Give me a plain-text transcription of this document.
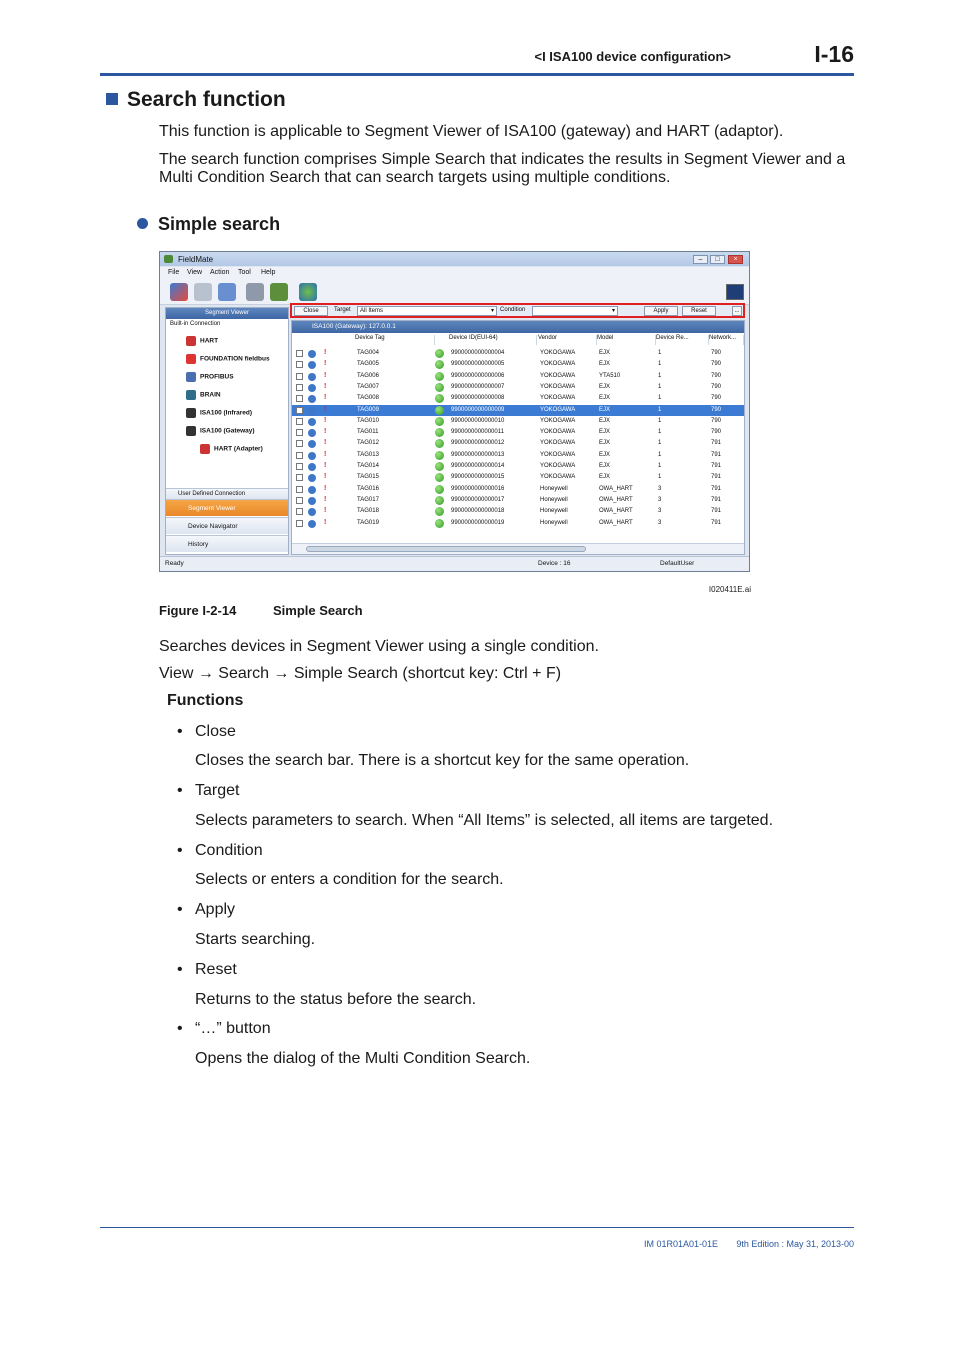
<I ISA100 device configuration>	I-16
Search function
This function is applicable to Segment Viewer of ISA100 (gateway) and HART (adaptor).
The search function comprises Simple Search that indicates the results in Segment Viewer and a Multi Condition Search that can search targets using multiple conditions.
Simple search
FieldMate	–	□	×
File View Action Tool Help
Close	Target	All Items	▾ Condition	▾	Apply	Reset	...
Segment Viewer
Built-in Connection
HART
FOUNDATION fieldbus
PROFIBUS
BRAIN
ISA100 (Infrared)
ISA100 (Gateway)
HART (Adapter)
User Defined Connection
Segment Viewer
Device Navigator
History
ISA100 (Gateway): 127.0.0.1
Device Tag	Device ID(EUI-64)	Vendor	Model	Device Re...	Network...
!	TAG004	9900000000000004	YOKOGAWA	EJX	1	790
!	TAG005	9900000000000005	YOKOGAWA	EJX	1	790
!	TAG006	9900000000000006	YOKOGAWA	YTA510	1	790
!	TAG007	9900000000000007	YOKOGAWA	EJX	1	790
!	TAG008	9900000000000008	YOKOGAWA	EJX	1	790
!	TAG009	9900000000000009	YOKOGAWA	EJX	1	790
!	TAG010	9900000000000010	YOKOGAWA	EJX	1	790
!	TAG011	9900000000000011	YOKOGAWA	EJX	1	790
!	TAG012	9900000000000012	YOKOGAWA	EJX	1	791
!	TAG013	9900000000000013	YOKOGAWA	EJX	1	791
!	TAG014	9900000000000014	YOKOGAWA	EJX	1	791
!	TAG015	9900000000000015	YOKOGAWA	EJX	1	791
!	TAG016	9900000000000016	Honeywell	OWA_HART	3	791
!	TAG017	9900000000000017	Honeywell	OWA_HART	3	791
!	TAG018	9900000000000018	Honeywell	OWA_HART	3	791
!	TAG019	9900000000000019	Honeywell	OWA_HART	3	791
Ready	Device : 16	DefaultUser
I020411E.ai
Figure I-2-14	Simple Search
Searches devices in Segment Viewer using a single condition.
View → Search → Simple Search (shortcut key: Ctrl + F)
Functions
• Close
Closes the search bar. There is a shortcut key for the same operation.
• Target
Selects parameters to search. When “All Items” is selected, all items are targeted.
• Condition
Selects or enters a condition for the search.
• Apply
Starts searching.
• Reset
Returns to the status before the search.
• “…” button
Opens the dialog of the Multi Condition Search.
IM 01R01A01-01E	9th Edition : May 31, 2013-00
